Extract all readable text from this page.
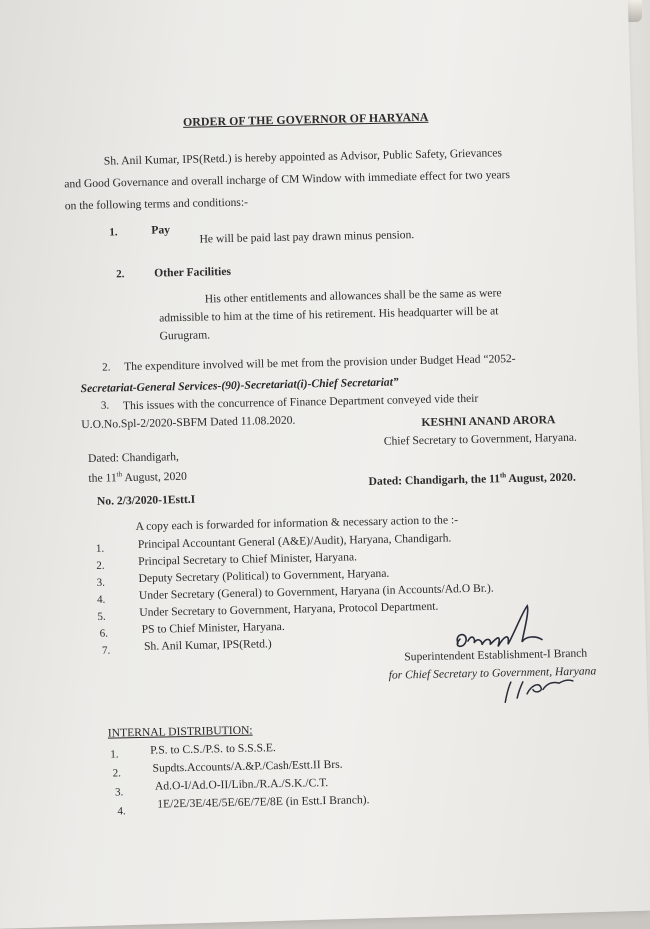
ORDER OF THE GOVERNOR OF HARYANA
Sh. Anil Kumar, IPS(Retd.) is hereby appointed as Advisor, Public Safety, Grievances
and Good Governance and overall incharge of CM Window with immediate effect for two years
on the following terms and conditions:-
1.	Pay	He will be paid last pay drawn minus pension.
2.	Other Facilities
His other entitlements and allowances shall be the same as were
admissible to him at the time of his retirement. His headquarter will be at
Gurugram.
2. The expenditure involved will be met from the provision under Budget Head “2052-
Secretariat-General Services-(90)-Secretariat(i)-Chief Secretariat”
3. This issues with the concurrence of Finance Department conveyed vide their
U.O.No.Spl-2/2020-SBFM Dated 11.08.2020.	KESHNI ANAND ARORA
Chief Secretary to Government, Haryana.
Dated: Chandigarh,
the 11th August, 2020	Dated: Chandigarh, the 11th August, 2020.
No. 2/3/2020-1Estt.I
A copy each is forwarded for information & necessary action to the :-
1.	Principal Accountant General (A&E)/Audit), Haryana, Chandigarh.
2.	Principal Secretary to Chief Minister, Haryana.
3.	Deputy Secretary (Political) to Government, Haryana.
4.	Under Secretary (General) to Government, Haryana (in Accounts/Ad.O Br.).
5.	Under Secretary to Government, Haryana, Protocol Department.
6.	PS to Chief Minister, Haryana.
7.	Sh. Anil Kumar, IPS(Retd.)
Superintendent Establishment-I Branch
for Chief Secretary to Government, Haryana
INTERNAL DISTRIBUTION:
1.	P.S. to C.S./P.S. to S.S.S.E.
2.	Supdts.Accounts/A.&P./Cash/Estt.II Brs.
3.	Ad.O-I/Ad.O-II/Libn./R.A./S.K./C.T.
4.
1E/2E/3E/4E/5E/6E/7E/8E (in Estt.I Branch).
